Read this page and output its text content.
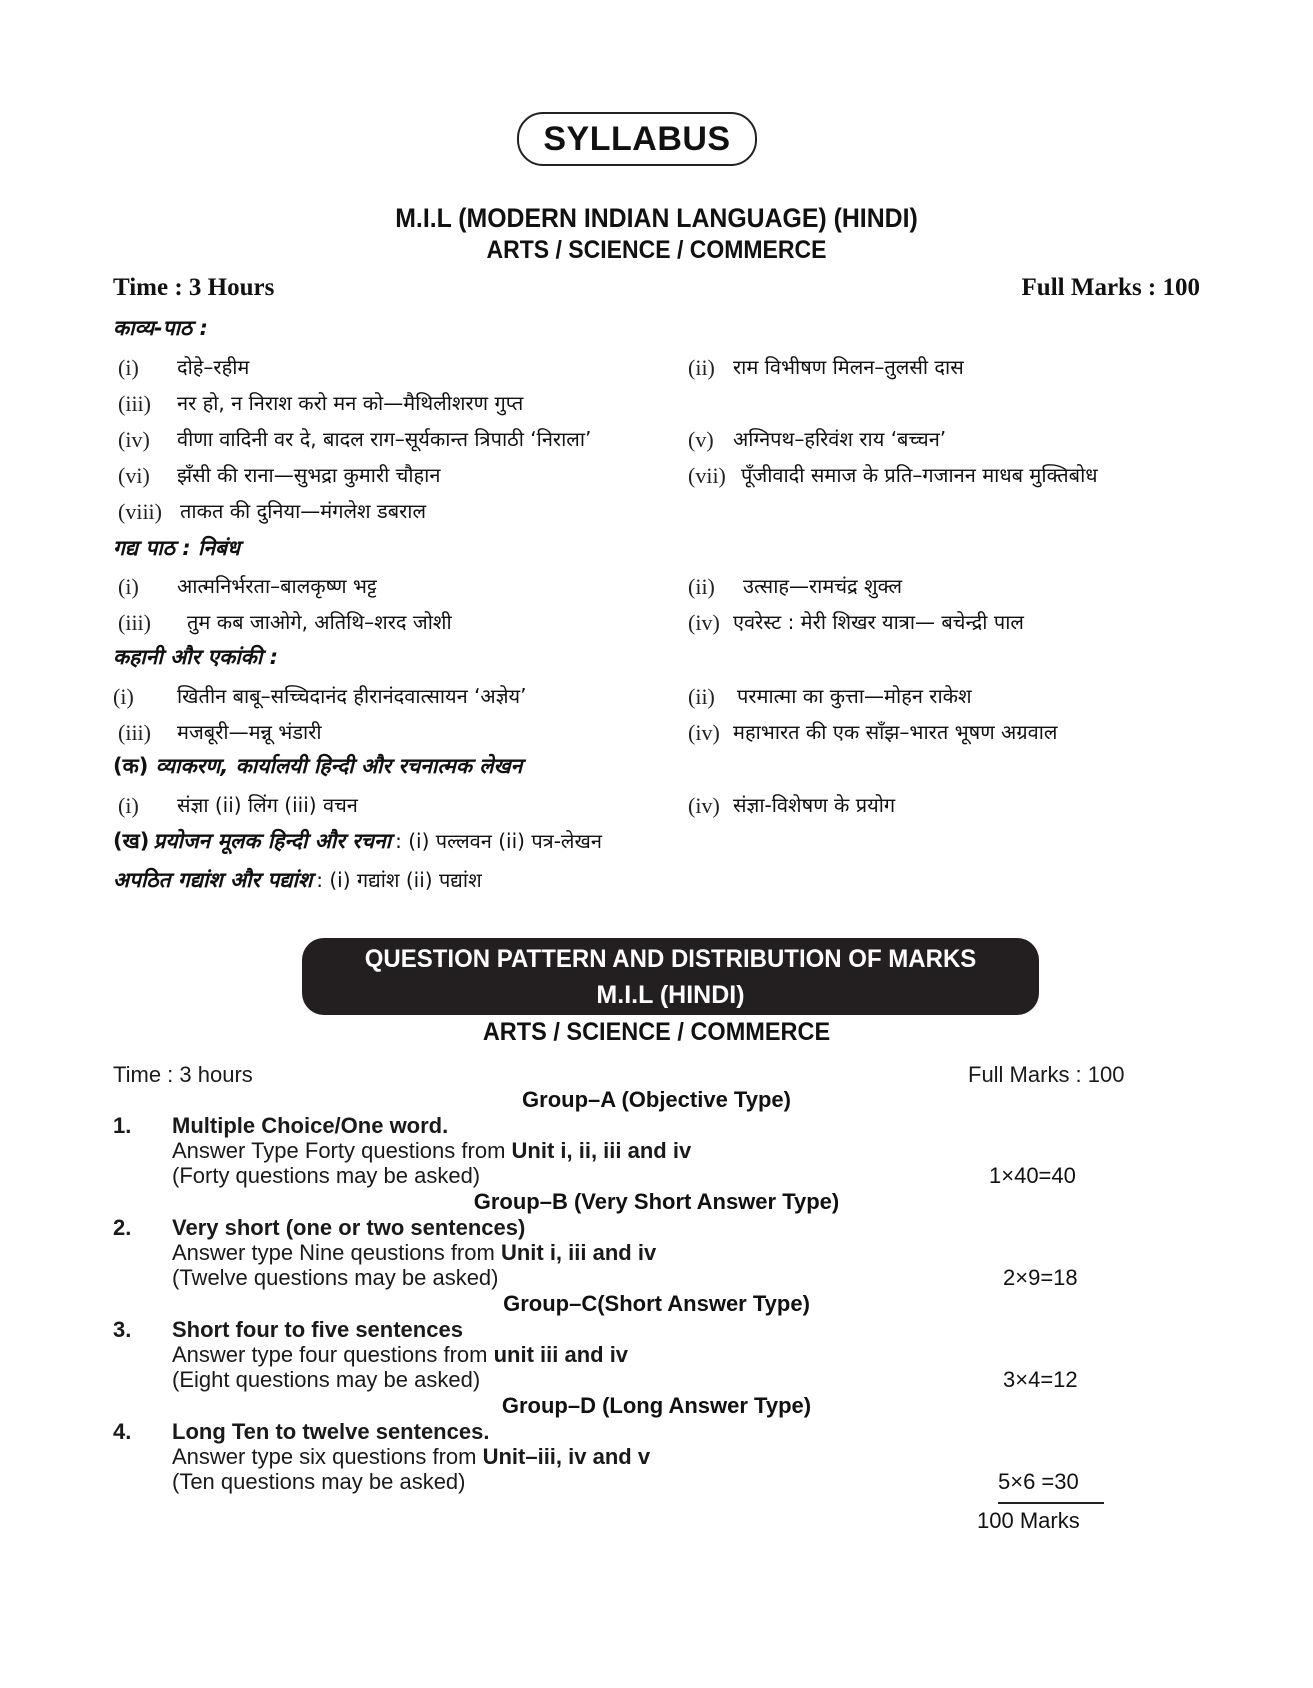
SYLLABUS
M.I.L (MODERN INDIAN LANGUAGE) (HINDI)
ARTS / SCIENCE / COMMERCE
Time : 3 Hours	Full Marks : 100
काव्य-पाठ :
(i) दोहे–रहीम	(ii) राम विभीषण मिलन–तुलसी दास
(iii) नर हो, न निराश करो मन को—मैथिलीशरण गुप्त
(iv) वीणा वादिनी वर दे, बादल राग–सूर्यकान्त त्रिपाठी ‘निराला’	(v) अग्निपथ–हरिवंश राय ‘बच्चन’
(vi) झँसी की राना—सुभद्रा कुमारी चौहान	(vii) पूँजीवादी समाज के प्रति–गजानन माधब मुक्तिबोध
(viii) ताकत की दुनिया—मंगलेश डबराल
गद्य पाठ : निबंध
(i) आत्मनिर्भरता–बालकृष्ण भट्ट	(ii) उत्साह—रामचंद्र शुक्ल
(iii) तुम कब जाओगे, अतिथि–शरद जोशी	(iv) एवरेस्ट : मेरी शिखर यात्रा— बचेन्द्री पाल
कहानी और एकांकी :
(i) खितीन बाबू–सच्चिदानंद हीरानंदवात्सायन ‘अज्ञेय’	(ii) परमात्मा का कुत्ता—मोहन राकेश
(iii) मजबूरी—मन्नू भंडारी	(iv) महाभारत की एक साँझ–भारत भूषण अग्रवाल
(क) व्याकरण, कार्यालयी हिन्दी और रचनात्मक लेखन
(i) संज्ञा (ii) लिंग (iii) वचन	(iv) संज्ञा-विशेषण के प्रयोग
(ख) प्रयोजन मूलक हिन्दी और रचना : (i) पल्लवन (ii) पत्र-लेखन
अपठित गद्यांश और पद्यांश : (i) गद्यांश (ii) पद्यांश
QUESTION PATTERN AND DISTRIBUTION OF MARKS
M.I.L (HINDI)
ARTS / SCIENCE / COMMERCE
Time : 3 hours	Full Marks : 100
Group–A (Objective Type)
1. Multiple Choice/One word.
Answer Type Forty questions from Unit i, ii, iii and iv
(Forty questions may be asked)	1×40=40
Group–B (Very Short Answer Type)
2. Very short (one or two sentences)
Answer type Nine qeustions from Unit i, iii and iv
(Twelve questions may be asked)	2×9=18
Group–C(Short Answer Type)
3. Short four to five sentences
Answer type four questions from unit iii and iv
(Eight questions may be asked)	3×4=12
Group–D (Long Answer Type)
4. Long Ten to twelve sentences.
Answer type six questions from Unit–iii, iv and v
(Ten questions may be asked)	5×6 =30
100 Marks
